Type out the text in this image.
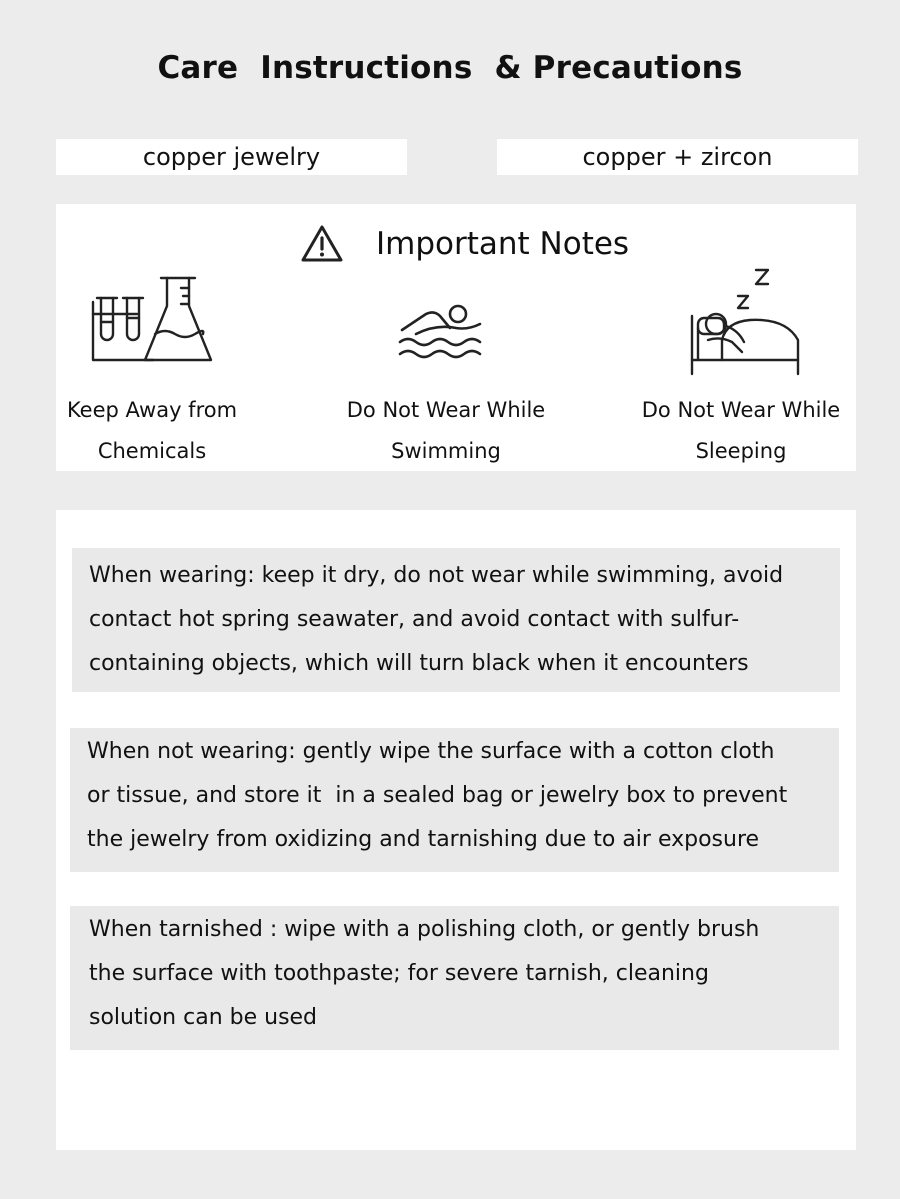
Care  Instructions  & Precautions
copper jewelry	copper + zircon
Important Notes
Keep Away from
Chemicals
Do Not Wear While
Swimming
Do Not Wear While
Sleeping
When wearing: keep it dry, do not wear while swimming, avoid
contact hot spring seawater, and avoid contact with sulfur-
containing objects, which will turn black when it encounters
When not wearing: gently wipe the surface with a cotton cloth
or tissue, and store it  in a sealed bag or jewelry box to prevent
the jewelry from oxidizing and tarnishing due to air exposure
When tarnished : wipe with a polishing cloth, or gently brush
the surface with toothpaste; for severe tarnish, cleaning
solution can be used
